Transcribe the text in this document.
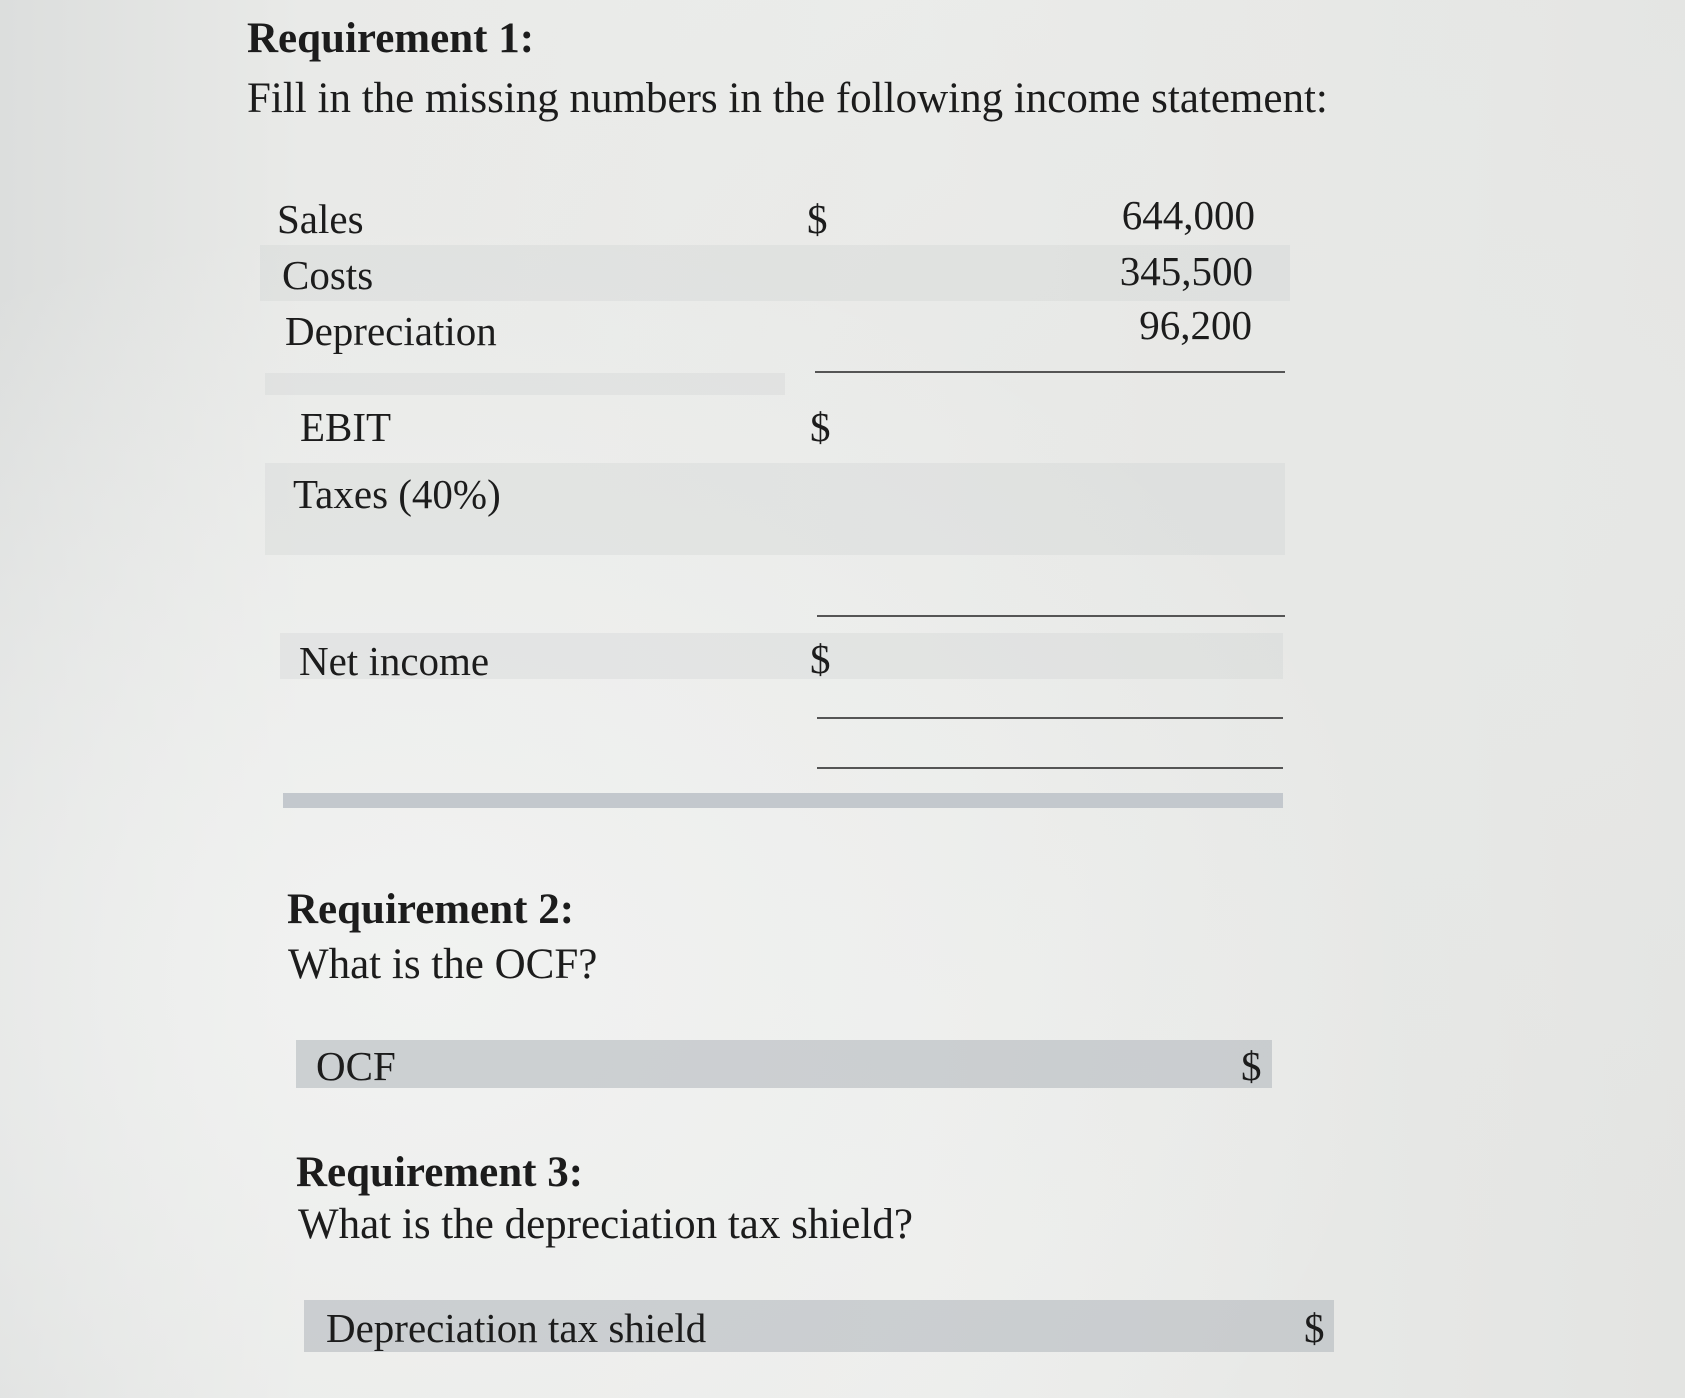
Requirement 1:
Fill in the missing numbers in the following income statement:
Sales	$	644,000
Costs	345,500
Depreciation	96,200
EBIT	$
Taxes (40%)
Net income	$
Requirement 2:
What is the OCF?
OCF	$
Requirement 3:
What is the depreciation tax shield?
Depreciation tax shield	$
